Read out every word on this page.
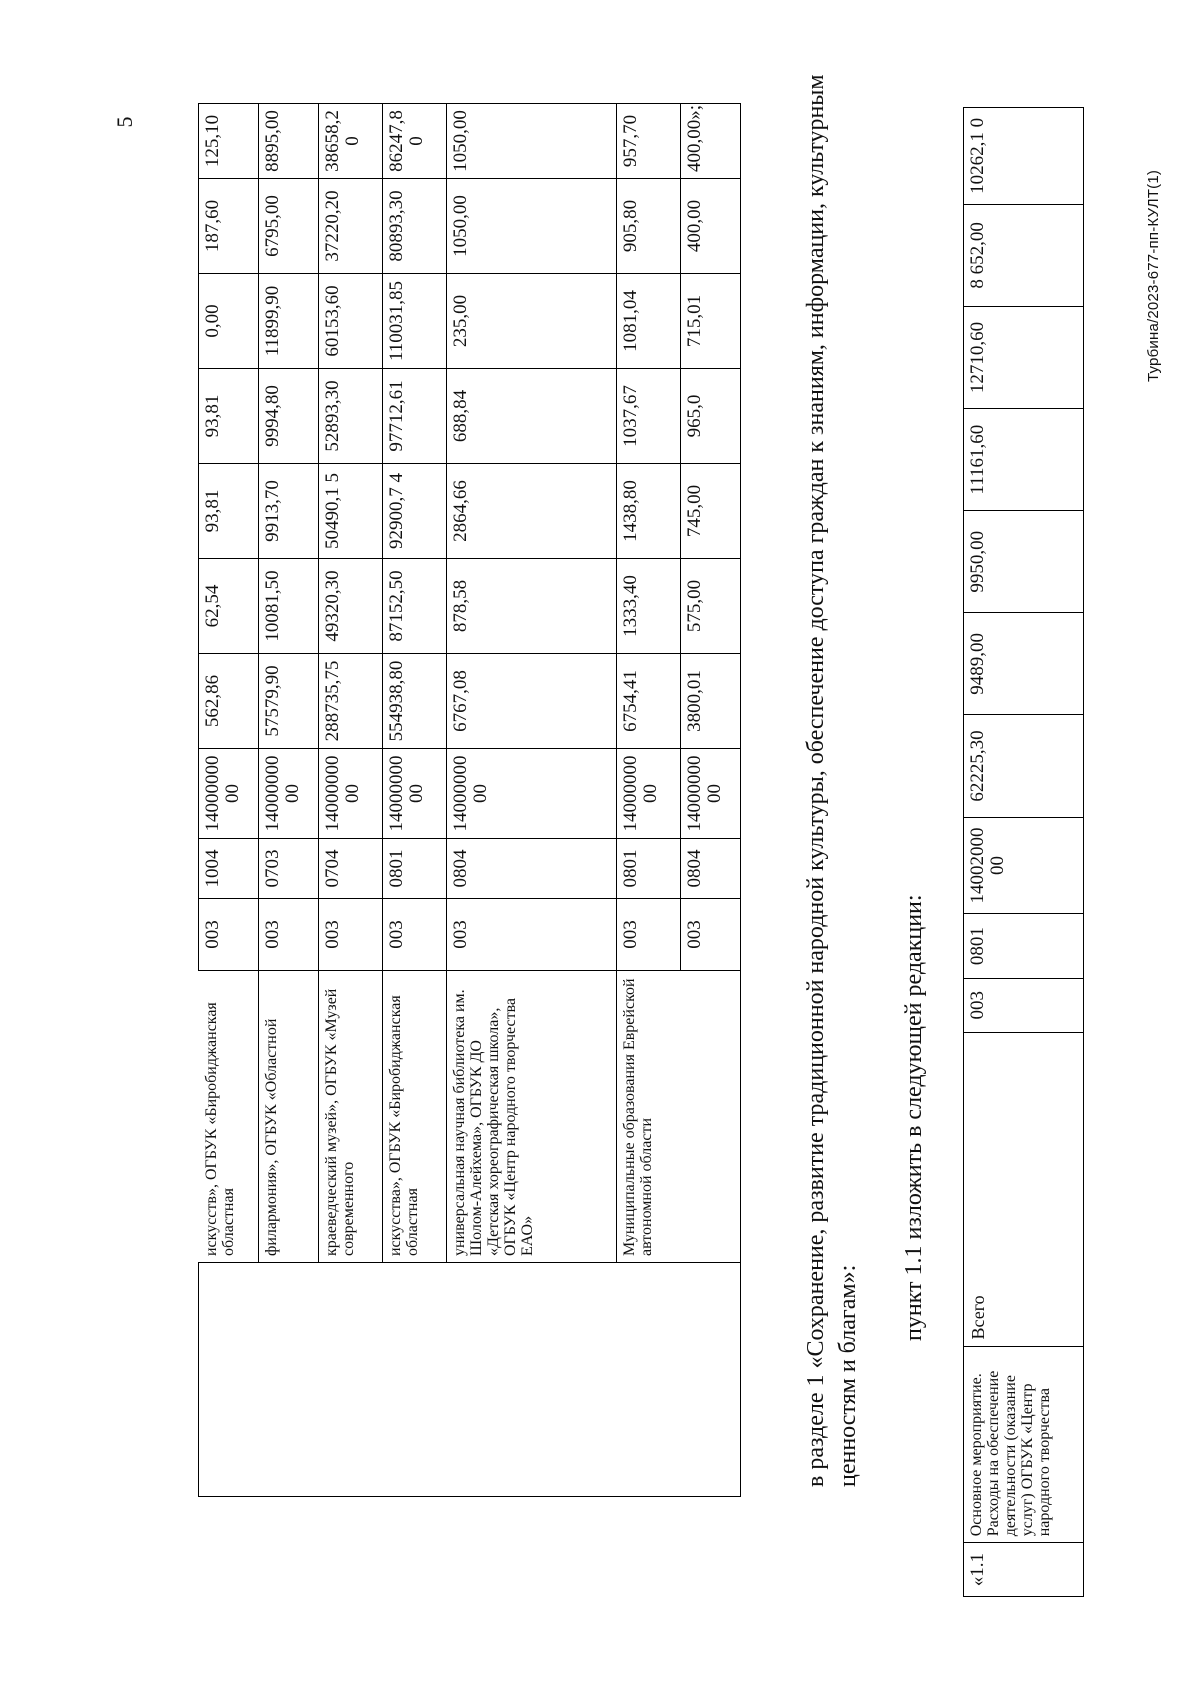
5
	искусств», ОГБУК «Биробиджанская областная	003	1004	14000000 00	562,86	62,54	93,81	93,81	0,00	187,60	125,10
	филармония», ОГБУК «Областной	003	0703	14000000 00	57579,90	10081,50	9913,70	9994,80	11899,90	6795,00	8895,00
	краеведческий музей», ОГБУК «Музей современного	003	0704	14000000 00	288735,75	49320,30	50490,1 5	52893,30	60153,60	37220,20	38658,2 0
	искусства», ОГБУК «Биробиджанская областная	003	0801	14000000 00	554938,80	87152,50	92900,7 4	97712,61	110031,85	80893,30	86247,8 0
	универсальная научная библиотека им. Шолом-Алейхема», ОГБУК ДО «Детская хореографическая школа», ОГБУК «Центр народного творчества ЕАО»	003	0804	14000000 00	6767,08	878,58	2864,66	688,84	235,00	1050,00	1050,00
	Муниципальные образования Еврейской автономной области	003	0801	14000000 00	6754,41	1333,40	1438,80	1037,67	1081,04	905,80	957,70
		003	0804	14000000 00	3800,01	575,00	745,00	965,0	715,01	400,00	400,00»;	в разделе 1 «Сохранение, развитие традиционной народной культуры, обеспечение доступа граждан к знаниям, информации, культурным ценностям и благам»:
пункт 1.1 изложить в следующей редакции:
«1.1	Основное мероприятие. Расходы на обеспечение деятельности (оказание услуг) ОГБУК «Центр народного творчества	Всего	003	0801	14002000 00	62225,30	9489,00	9950,00	11161,60	12710,60	8 652,00	10262,1 0
Турбина/2023-677-пп-КУЛТ(1)
